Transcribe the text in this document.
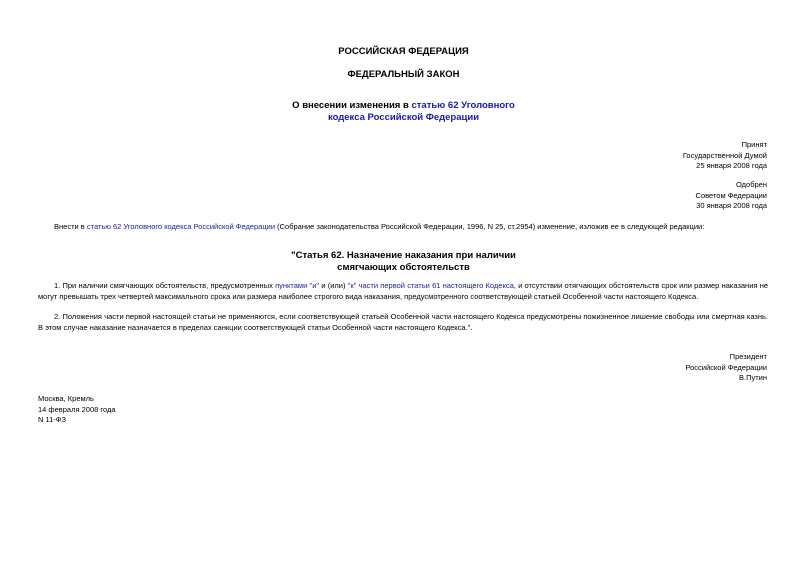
РОССИЙСКАЯ ФЕДЕРАЦИЯ
ФЕДЕРАЛЬНЫЙ ЗАКОН
О внесении изменения в статью 62 Уголовного
кодекса Российской Федерации
Принят
Государственной Думой
25 января 2008 года
Одобрен
Советом Федерации
30 января 2008 года
Внести в статью 62 Уголовного кодекса Российской Федерации (Собрание законодательства Российской Федерации, 1996, N 25, ст.2954) изменение, изложив ее в следующей редакции:
"Статья 62. Назначение наказания при наличии
смягчающих обстоятельств
1. При наличии смягчающих обстоятельств, предусмотренных пунктами "и" и (или) "к" части первой статьи 61 настоящего Кодекса, и отсутствии отягчающих обстоятельств срок или размер наказания не могут превышать трех четвертей максимального срока или размера наиболее строгого вида наказания, предусмотренного соответствующей статьей Особенной части настоящего Кодекса.
2. Положения части первой настоящей статьи не применяются, если соответствующей статьей Особенной части настоящего Кодекса предусмотрены пожизненное лишение свободы или смертная казнь. В этом случае наказание назначается в пределах санкции соответствующей статьи Особенной части настоящего Кодекса.".
Президент
Российской Федерации
В.Путин
Москва, Кремль
14 февраля 2008 года
N 11-ФЗ
